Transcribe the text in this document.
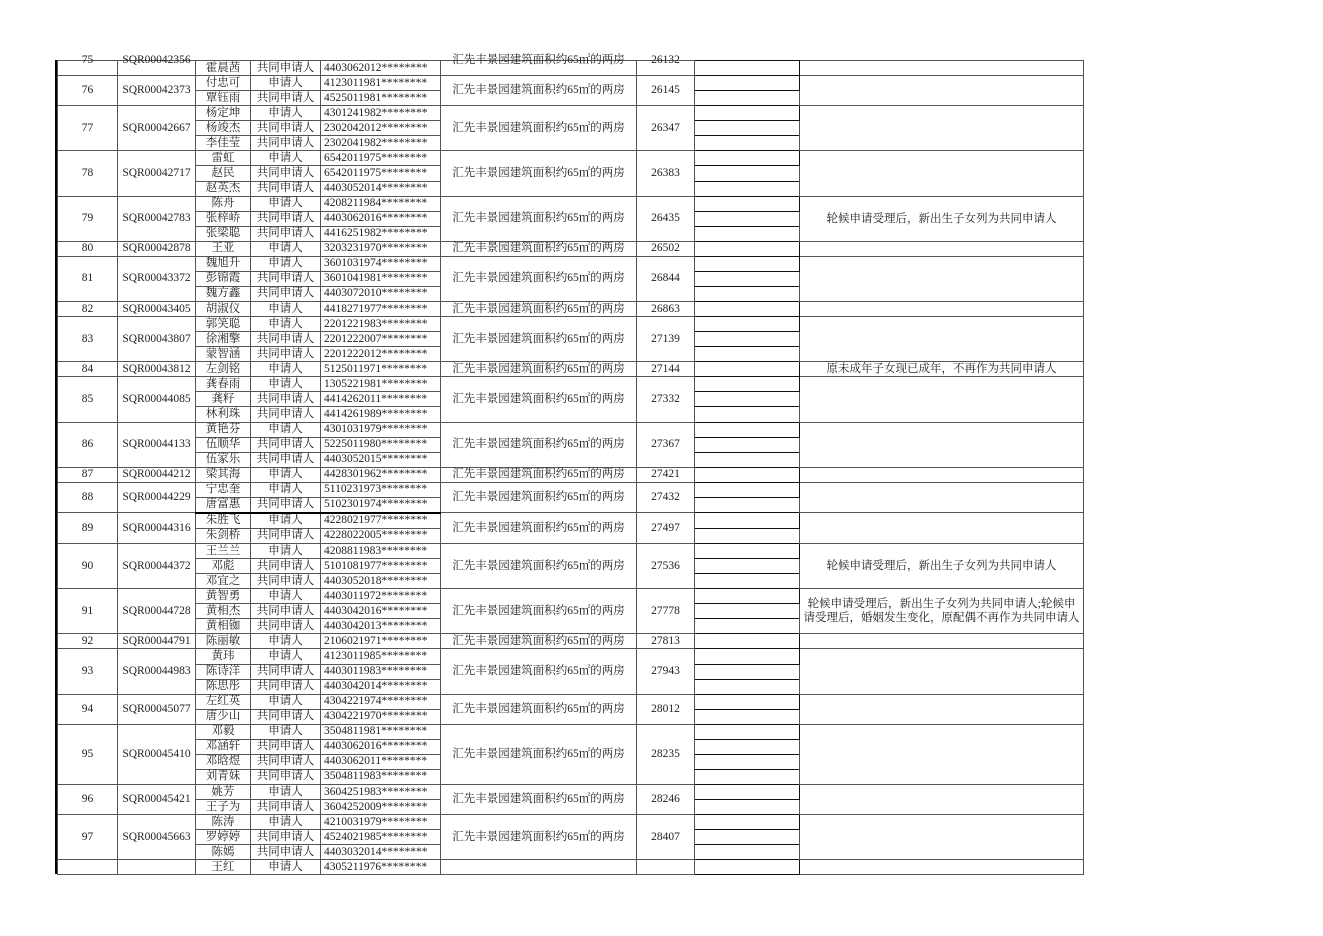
75	SQR00042356	霍晨茜	共同申请人	4403062012********	汇先丰景园建筑面积约65㎡的两房	26132		

76	SQR00042373	付忠可	申请人	4123011981********	汇先丰景园建筑面积约65㎡的两房	26145		
		覃钰雨	共同申请人	4525011981********				
77	SQR00042667	杨定坤	申请人	4301241982********	汇先丰景园建筑面积约65㎡的两房	26347		
		杨竣杰	共同申请人	2302042012********				
		李佳莹	共同申请人	2302041982********				
78	SQR00042717	雷虹	申请人	6542011975********	汇先丰景园建筑面积约65㎡的两房	26383		
		赵民	共同申请人	6542011975********				
		赵英杰	共同申请人	4403052014********				
79	SQR00042783	陈舟	申请人	4208211984********	汇先丰景园建筑面积约65㎡的两房	26435		轮候申请受理后，新出生子女列为共同申请人
		张梓峤	共同申请人	4403062016********				
		张梁聪	共同申请人	4416251982********				
80	SQR00042878	王亚	申请人	3203231970********	汇先丰景园建筑面积约65㎡的两房	26502		
81	SQR00043372	魏旭升	申请人	3601031974********	汇先丰景园建筑面积约65㎡的两房	26844		
		彭锦霞	共同申请人	3601041981********				
		魏方鑫	共同申请人	4403072010********				
82	SQR00043405	胡淑仪	申请人	4418271977********	汇先丰景园建筑面积约65㎡的两房	26863		
83	SQR00043807	郭笑聪	申请人	2201221983********	汇先丰景园建筑面积约65㎡的两房	27139		
		徐湘擎	共同申请人	2201222007********				
		蒙智涵	共同申请人	2201222012********				
84	SQR00043812	左剑铭	申请人	5125011971********	汇先丰景园建筑面积约65㎡的两房	27144		原未成年子女现已成年，不再作为共同申请人
85	SQR00044085	龚春雨	申请人	1305221981********	汇先丰景园建筑面积约65㎡的两房	27332		
		龚籽	共同申请人	4414262011********				
		林利珠	共同申请人	4414261989********				
86	SQR00044133	黄艳芬	申请人	4301031979********	汇先丰景园建筑面积约65㎡的两房	27367		
		伍顺华	共同申请人	5225011980********				
		伍家乐	共同申请人	4403052015********				
87	SQR00044212	梁其海	申请人	4428301962********	汇先丰景园建筑面积约65㎡的两房	27421		
88	SQR00044229	宁忠奎	申请人	5110231973********	汇先丰景园建筑面积约65㎡的两房	27432		
		唐富惠	共同申请人	5102301974********				
89	SQR00044316	朱胜飞	申请人	4228021977********	汇先丰景园建筑面积约65㎡的两房	27497		
		朱剑桥	共同申请人	4228022005********				
90	SQR00044372	王兰兰	申请人	4208811983********	汇先丰景园建筑面积约65㎡的两房	27536		轮候申请受理后，新出生子女列为共同申请人
		邓彪	共同申请人	5101081977********				
		邓宜之	共同申请人	4403052018********				
91	SQR00044728	黄智勇	申请人	4403011972********	汇先丰景园建筑面积约65㎡的两房	27778		轮候申请受理后，新出生子女列为共同申请人;轮候申请受理后，婚姻发生变化，原配偶不再作为共同申请人
		黄相杰	共同申请人	4403042016********				
		黄相铷	共同申请人	4403042013********				
92	SQR00044791	陈丽敏	申请人	2106021971********	汇先丰景园建筑面积约65㎡的两房	27813		
93	SQR00044983	黄玮	申请人	4123011985********	汇先丰景园建筑面积约65㎡的两房	27943		
		陈诗洋	共同申请人	4403011983********				
		陈思彤	共同申请人	4403042014********				
94	SQR00045077	左红英	申请人	4304221974********	汇先丰景园建筑面积约65㎡的两房	28012		
		唐少山	共同申请人	4304221970********				
95	SQR00045410	邓毅	申请人	3504811981********	汇先丰景园建筑面积约65㎡的两房	28235		
		邓涵轩	共同申请人	4403062016********				
		邓晗煜	共同申请人	4403062011********				
		刘青妹	共同申请人	3504811983********				
96	SQR00045421	姚芳	申请人	3604251983********	汇先丰景园建筑面积约65㎡的两房	28246		
		王子为	共同申请人	3604252009********				
97	SQR00045663	陈涛	申请人	4210031979********	汇先丰景园建筑面积约65㎡的两房	28407		
		罗婷婷	共同申请人	4524021985********				
		陈嫣	共同申请人	4403032014********				
		王红	申请人	4305211976********				
